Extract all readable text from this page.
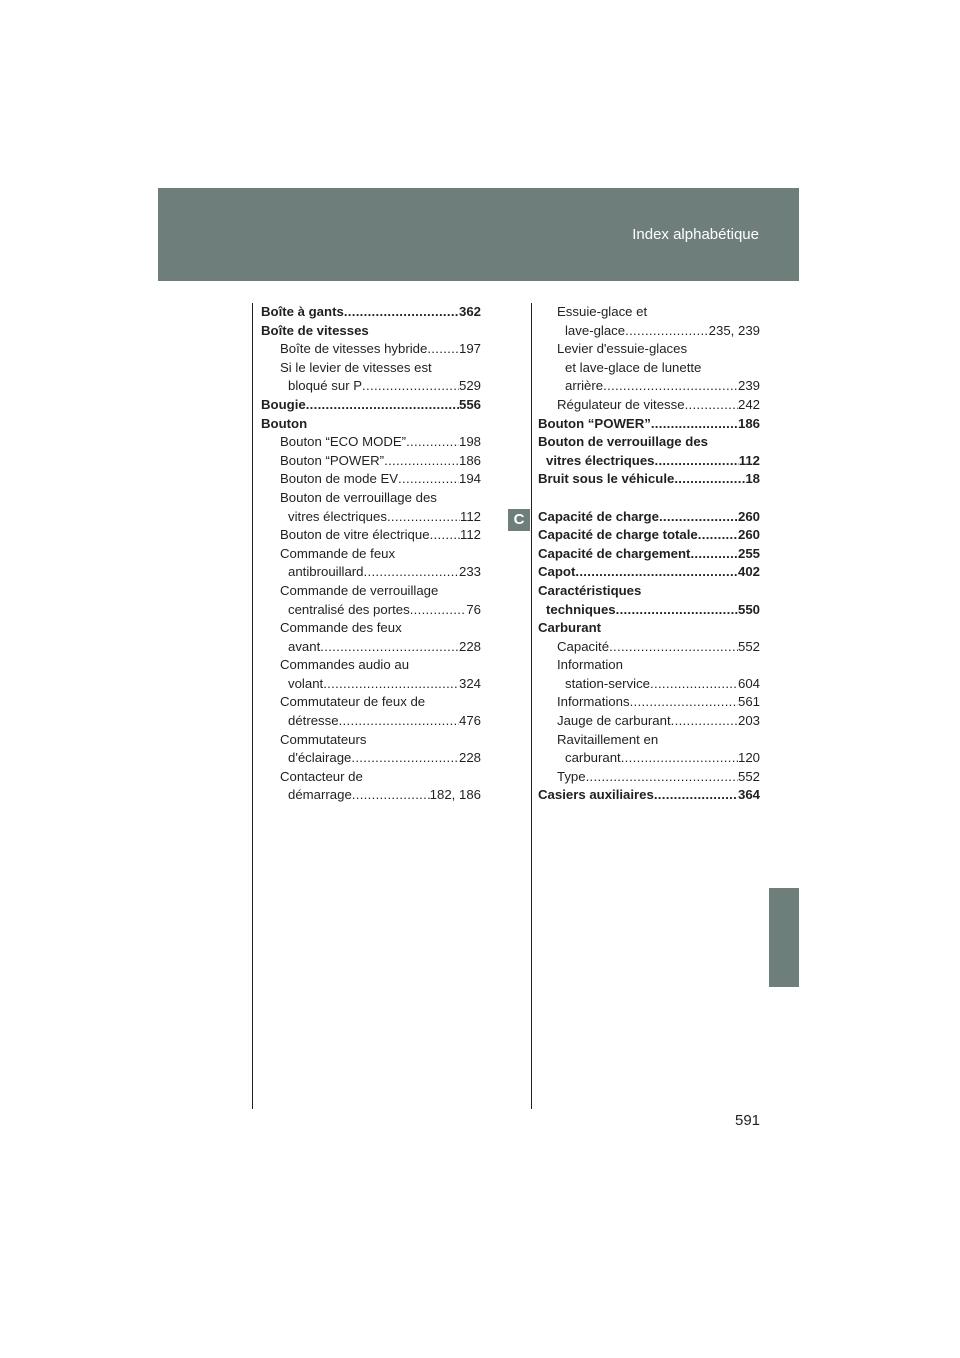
Index alphabétique
C
Boîte à gants .....	362
Boîte de vitesses
Boîte de vitesses hybride ..... 197
Si le levier de vitesses est
bloqué sur P .....	529
Bougie .....	556
Bouton
Bouton “ECO MODE” .....	198
Bouton “POWER” .....	186
Bouton de mode EV .....	194
Bouton de verrouillage des
vitres électriques .....	112
Bouton de vitre électrique ..... 112
Commande de feux
antibrouillard .....	233
Commande de verrouillage
centralisé des portes .....	76
Commande des feux
avant .....	228
Commandes audio au
volant .....	324
Commutateur de feux de
détresse .....	476
Commutateurs
d'éclairage .....	228
Contacteur de
démarrage .....	182, 186
Essuie-glace et
lave-glace .....	235, 239
Levier d'essuie-glaces
et lave-glace de lunette
arrière .....	239
Régulateur de vitesse .....	242
Bouton “POWER” .....	186
Bouton de verrouillage des
vitres électriques .....	112
Bruit sous le véhicule .....	18
Capacité de charge .....	260
Capacité de charge totale .....	260
Capacité de chargement .....	255
Capot .....	402
Caractéristiques
techniques .....	550
Carburant
Capacité .....	552
Information
station-service .....	604
Informations .....	561
Jauge de carburant .....	203
Ravitaillement en
carburant .....	120
Type .....	552
Casiers auxiliaires .....	364
591
